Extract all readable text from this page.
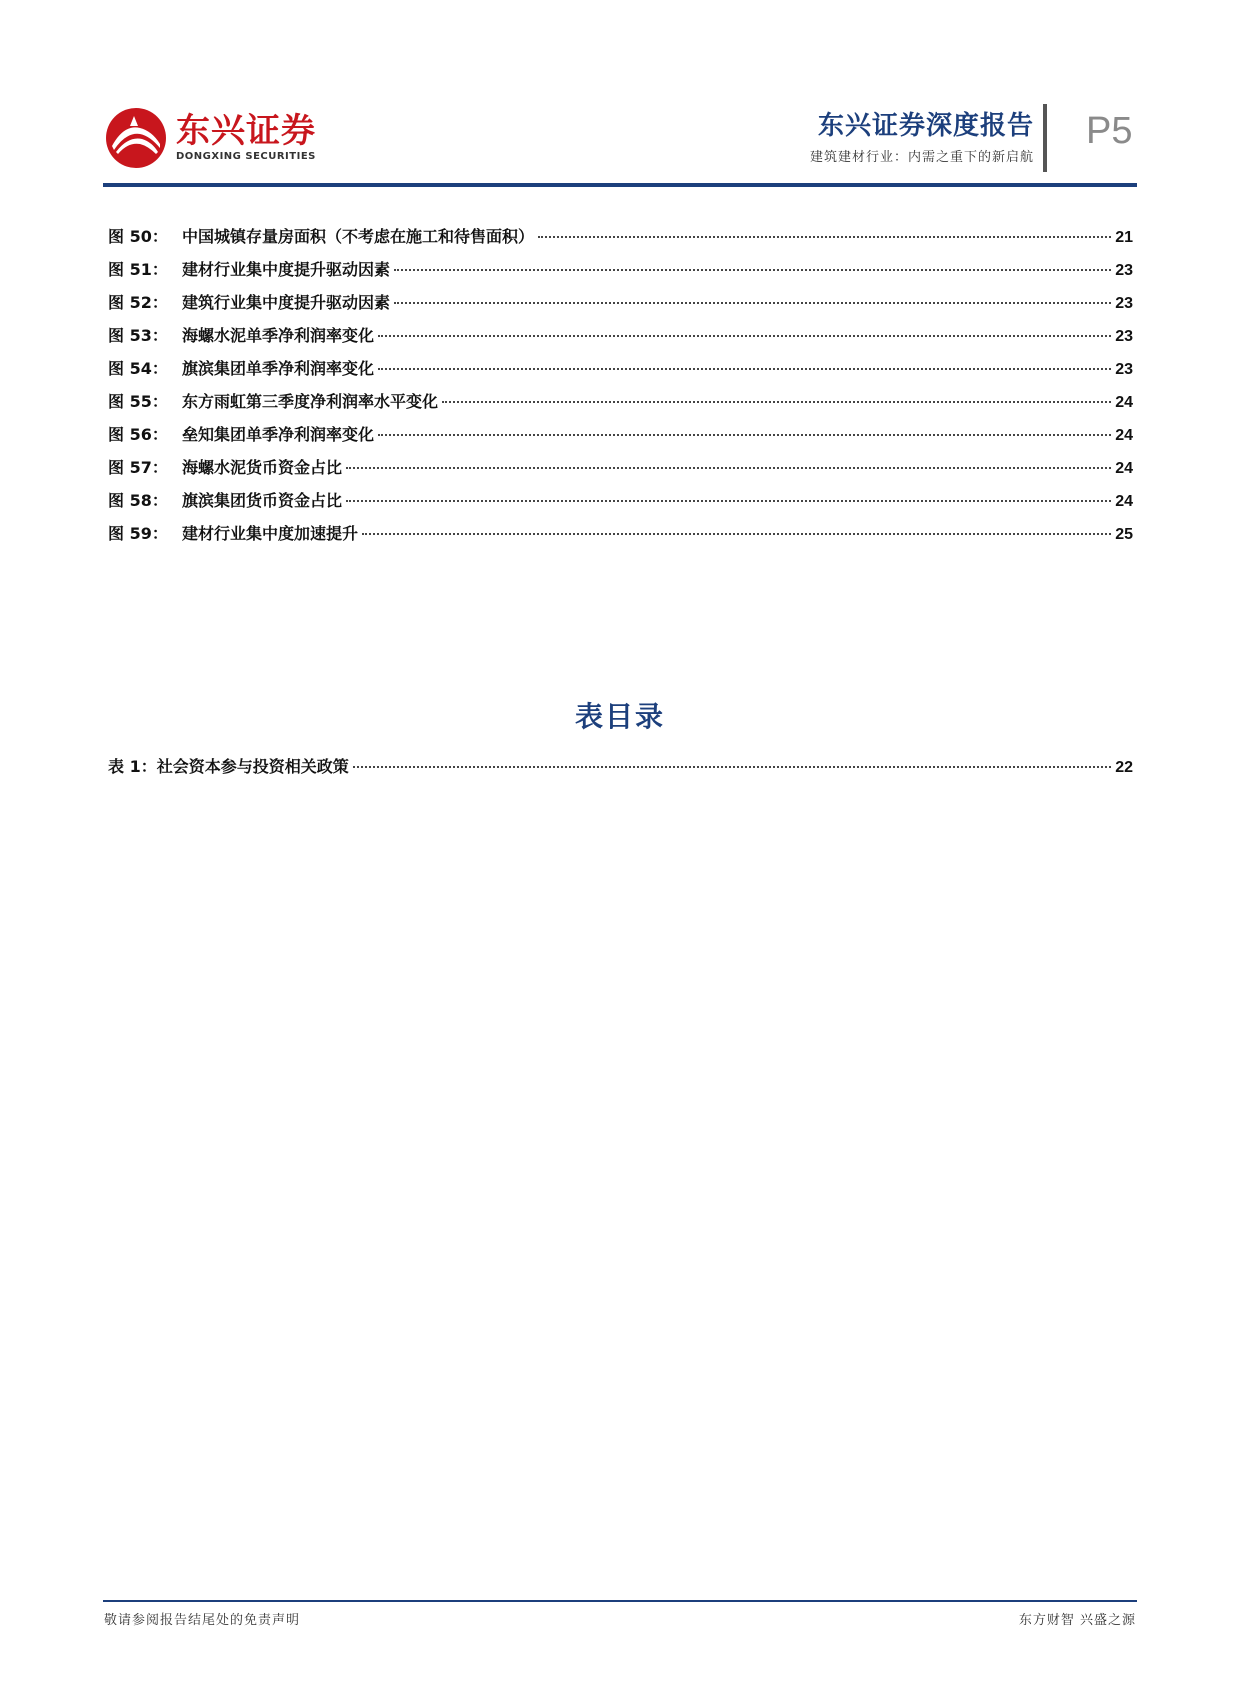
东兴证券
DONGXING SECURITIES
东兴证券深度报告
建筑建材行业：内需之重下的新启航
P5
图 50： 中国城镇存量房面积（不考虑在施工和待售面积）	21
图 51： 建材行业集中度提升驱动因素	23
图 52： 建筑行业集中度提升驱动因素	23
图 53： 海螺水泥单季净利润率变化	23
图 54： 旗滨集团单季净利润率变化	23
图 55： 东方雨虹第三季度净利润率水平变化	24
图 56： 垒知集团单季净利润率变化	24
图 57： 海螺水泥货币资金占比	24
图 58： 旗滨集团货币资金占比	24
图 59： 建材行业集中度加速提升	25
表目录
表 1：社会资本参与投资相关政策	22
敬请参阅报告结尾处的免责声明	东方财智 兴盛之源
